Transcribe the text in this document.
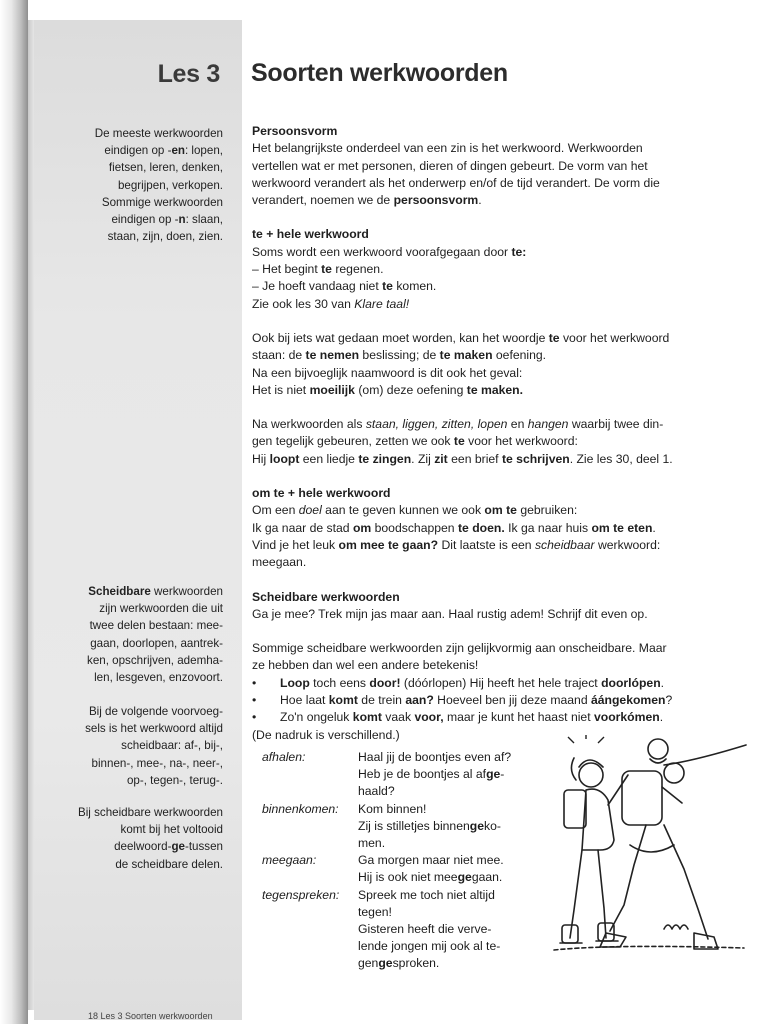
Les 3 Soorten werkwoorden
De meeste werkwoorden
eindigen op -en: lopen,
fietsen, leren, denken,
begrijpen, verkopen.
Sommige werkwoorden
eindigen op -n: slaan,
staan, zijn, doen, zien.
Scheidbare werkwoorden
zijn werkwoorden die uit
twee delen bestaan: mee-
gaan, doorlopen, aantrek-
ken, opschrijven, ademha-
len, lesgeven, enzovoort.
Bij de volgende voorvoeg-
sels is het werkwoord altijd
scheidbaar: af-, bij-,
binnen-, mee-, na-, neer-,
op-, tegen-, terug-.
Bij scheidbare werkwoorden
komt bij het voltooid
deelwoord-ge-tussen
de scheidbare delen.
Persoonsvorm
Het belangrijkste onderdeel van een zin is het werkwoord. Werkwoorden
vertellen wat er met personen, dieren of dingen gebeurt. De vorm van het
werkwoord verandert als het onderwerp en/of de tijd verandert. De vorm die
verandert, noemen we de persoonsvorm.
te + hele werkwoord
Soms wordt een werkwoord voorafgegaan door te:
– Het begint te regenen.
– Je hoeft vandaag niet te komen.
Zie ook les 30 van Klare taal!
Ook bij iets wat gedaan moet worden, kan het woordje te voor het werkwoord
staan: de te nemen beslissing; de te maken oefening.
Na een bijvoeglijk naamwoord is dit ook het geval:
Het is niet moeilijk (om) deze oefening te maken.
Na werkwoorden als staan, liggen, zitten, lopen en hangen waarbij twee din-
gen tegelijk gebeuren, zetten we ook te voor het werkwoord:
Hij loopt een liedje te zingen. Zij zit een brief te schrijven. Zie les 30, deel 1.
om te + hele werkwoord
Om een doel aan te geven kunnen we ook om te gebruiken:
Ik ga naar de stad om boodschappen te doen. Ik ga naar huis om te eten.
Vind je het leuk om mee te gaan? Dit laatste is een scheidbaar werkwoord:
meegaan.
Scheidbare werkwoorden
Ga je mee? Trek mijn jas maar aan. Haal rustig adem! Schrijf dit even op.
Sommige scheidbare werkwoorden zijn gelijkvormig aan onscheidbare. Maar
ze hebben dan wel een andere betekenis!
• Loop toch eens door! (dóórlopen) Hij heeft het hele traject doorlópen.
• Hoe laat komt de trein aan? Hoeveel ben jij deze maand áángekomen?
• Zo'n ongeluk komt vaak voor, maar je kunt het haast niet voorkómen.
(De nadruk is verschillend.)
afhalen:	Haal jij de boontjes even af?
Heb je de boontjes al afge-
haald?
binnenkomen:	Kom binnen!
Zij is stilletjes binnengeko-
men.
meegaan:	Ga morgen maar niet mee.
Hij is ook niet meegegaan.
tegenspreken:	Spreek me toch niet altijd
tegen!
Gisteren heeft die verve-
lende jongen mij ook al te-
gengesproken.
18 Les 3 Soorten werkwoorden
